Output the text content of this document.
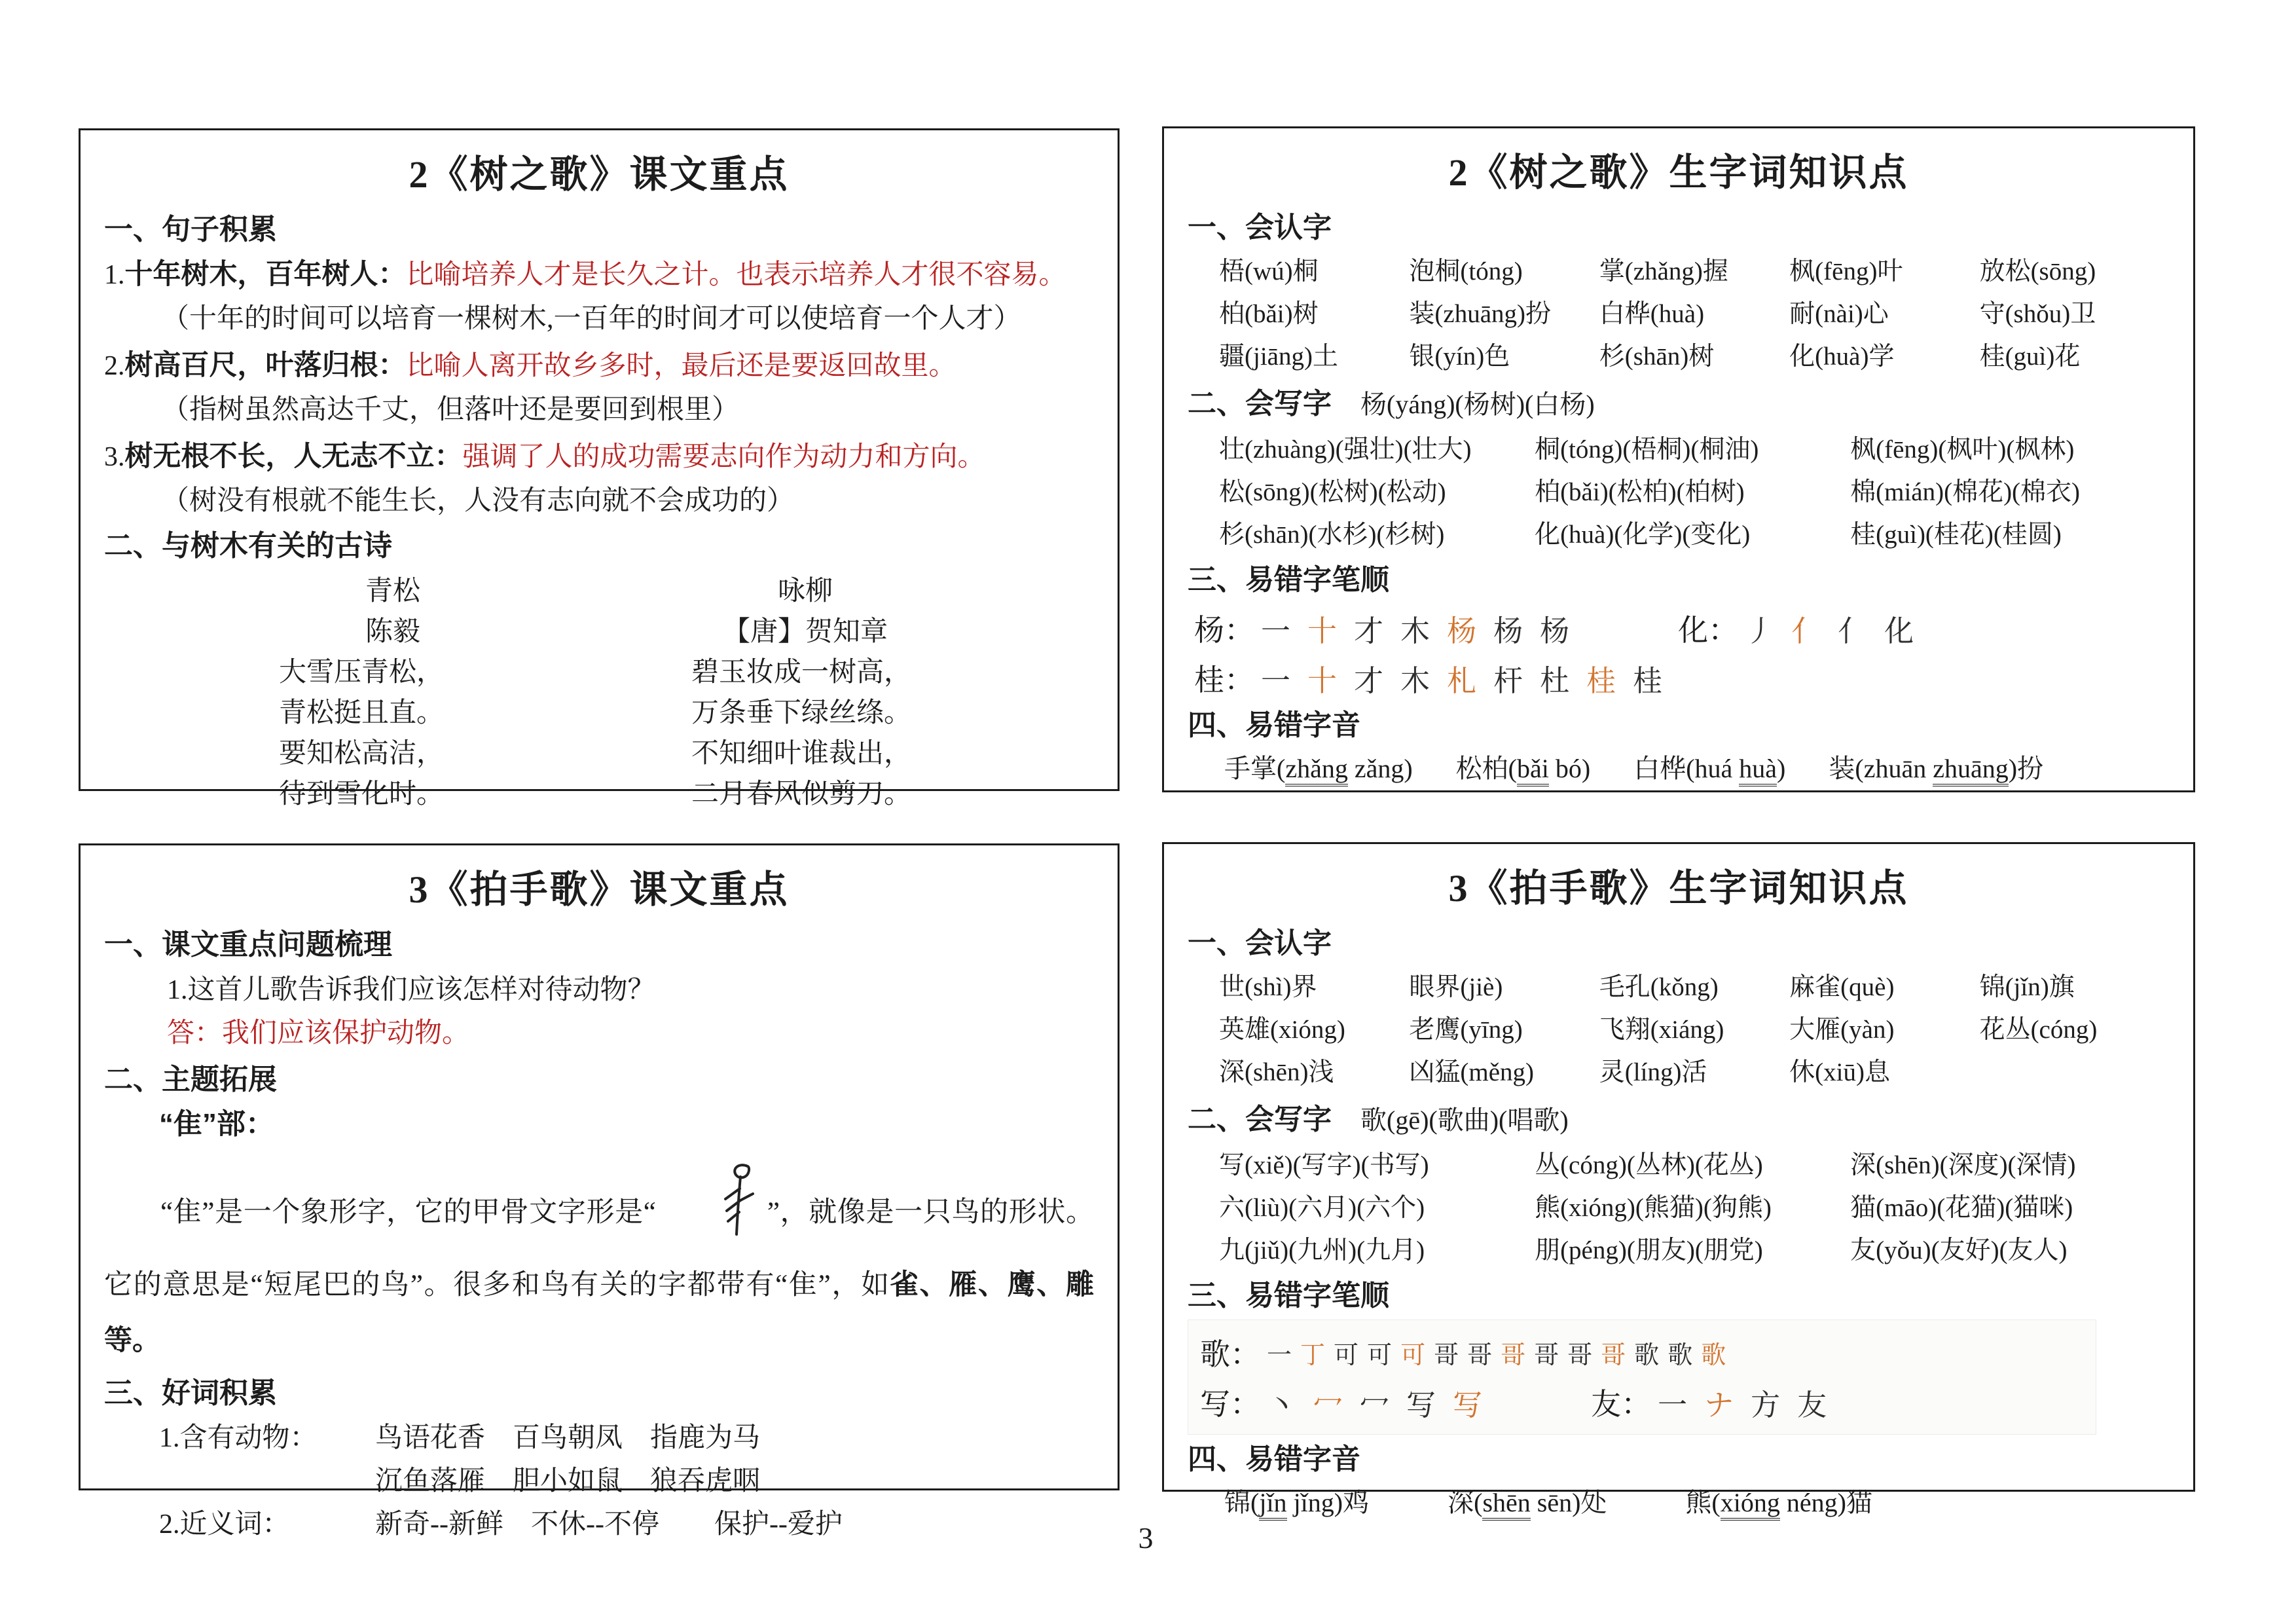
2《树之歌》课文重点
一、句子积累
1.十年树木，百年树人：比喻培养人才是长久之计。也表示培养人才很不容易。
（十年的时间可以培育一棵树木,一百年的时间才可以使培育一个人才）
2.树高百尺，叶落归根：比喻人离开故乡多时，最后还是要返回故里。
（指树虽然高达千丈，但落叶还是要回到根里）
3.树无根不长，人无志不立：强调了人的成功需要志向作为动力和方向。
（树没有根就不能生长，人没有志向就不会成功的）
二、与树木有关的古诗
青松
陈毅
大雪压青松，
青松挺且直。
要知松高洁，
待到雪化时。
咏柳
【唐】贺知章
碧玉妆成一树高，
万条垂下绿丝绦。
不知细叶谁裁出，
二月春风似剪刀。
2《树之歌》生字词知识点
一、会认字
梧(wú)桐	泡桐(tóng)	掌(zhǎng)握	枫(fēng)叶	放松(sōng)
柏(bǎi)树	装(zhuāng)扮	白桦(huà)	耐(nài)心	守(shǒu)卫
疆(jiāng)土	银(yín)色	杉(shān)树	化(huà)学	桂(guì)花
二、会写字 杨(yáng)(杨树)(白杨)
壮(zhuàng)(强壮)(壮大)	桐(tóng)(梧桐)(桐油)	枫(fēng)(枫叶)(枫林)
松(sōng)(松树)(松动)	柏(bǎi)(松柏)(柏树)	棉(mián)(棉花)(棉衣)
杉(shān)(水杉)(杉树)	化(huà)(化学)(变化)	桂(guì)(桂花)(桂圆)
三、易错字笔顺
杨： 一 十 才 木 杨 杨 杨	化： 丿 亻 亻 化
桂： 一 十 才 木 札 杆 杜 桂 桂
四、易错字音
手掌(zhǎng zǎng) 松柏(bǎi bó) 白桦(huá huà) 装(zhuān zhuāng)扮
3《拍手歌》课文重点
一、课文重点问题梳理
1.这首儿歌告诉我们应该怎样对待动物？
答：我们应该保护动物。
二、主题拓展
“隹”部：

“隹”是一个象形字，它的甲骨文字形是“	”，就像是一只鸟的形状。它的意思是“短尾巴的鸟”。很多和鸟有关的字都带有“隹”，如雀、雁、鹰、雕等。

三、好词积累
1.含有动物：	鸟语花香　百鸟朝凤　指鹿为马
沉鱼落雁　胆小如鼠　狼吞虎咽
2.近义词：	新奇--新鲜　不休--不停　　保护--爱护
3《拍手歌》生字词知识点
一、会认字
世(shì)界	眼界(jiè)	毛孔(kǒng)	麻雀(què)	锦(jǐn)旗
英雄(xióng)	老鹰(yīng)	飞翔(xiáng)	大雁(yàn)	花丛(cóng)
深(shēn)浅	凶猛(měng)	灵(líng)活	休(xiū)息
二、会写字 歌(gē)(歌曲)(唱歌)
写(xiě)(写字)(书写)	丛(cóng)(丛林)(花丛)	深(shēn)(深度)(深情)
六(liù)(六月)(六个)	熊(xióng)(熊猫)(狗熊)	猫(māo)(花猫)(猫咪)
九(jiǔ)(九州)(九月)	朋(péng)(朋友)(朋党)	友(yǒu)(友好)(友人)
三、易错字笔顺
歌： 一 丁 可 可 可 哥 哥 哥 哥 哥 哥 歌 歌 歌
写： 丶 冖 冖 写 写	友： 一 ナ 方 友
四、易错字音
锦(jǐn jǐng)鸡	深(shēn sēn)处	熊(xióng néng)猫
3
